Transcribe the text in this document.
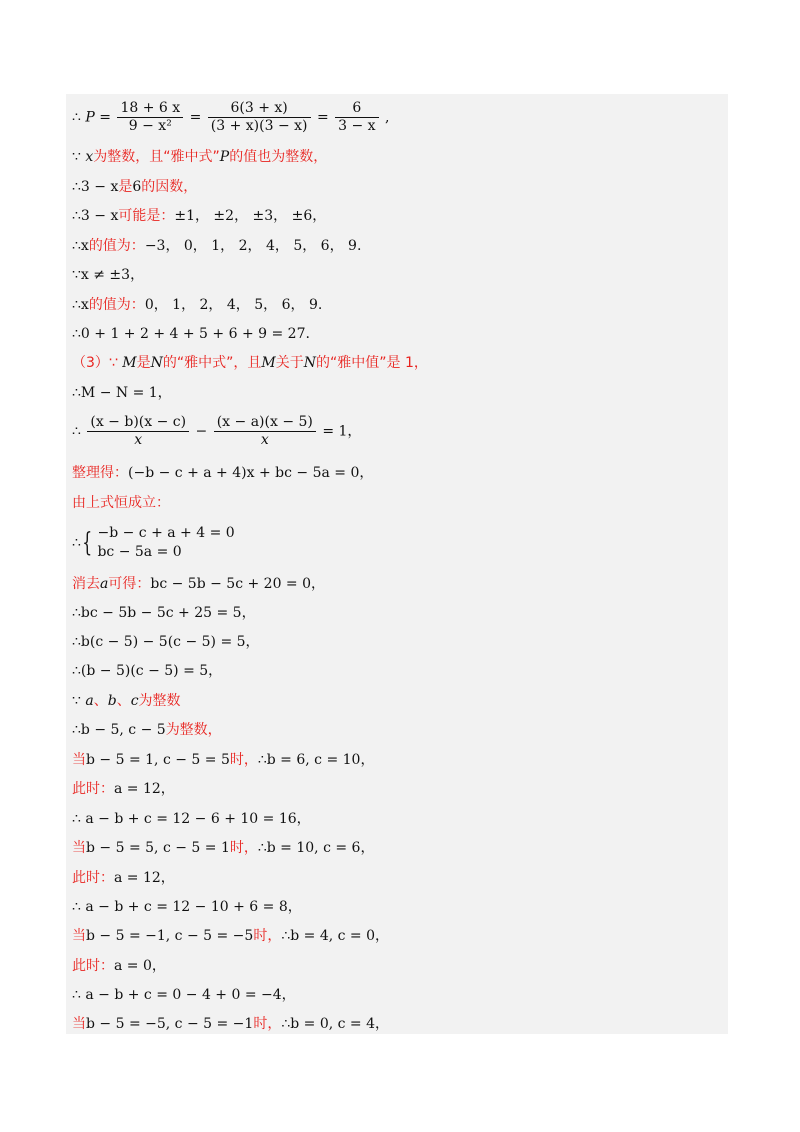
∴ $P = \frac{18 + 6 x}{\text{9 − x²}} = \frac{6(3 + x)}{(3 + x)(3 - x)} = \frac{6}{3 - x}$ ,
∵ x为整数，且“雅中式”P的值也为整数，
∴3 − x是6的因数，
∴3 − x可能是：±1， ±2， ±3， ±6，
∴x的值为：−3， 0， 1， 2， 4， 5， 6， 9.
∵x ≠ ±3，
∴x的值为：0， 1， 2， 4， 5， 6， 9.
∴0 + 1 + 2 + 4 + 5 + 6 + 9 = 27.
（3）∵ M是N的“雅中式”，且M关于N的“雅中值”是 1，
∴M − N = 1，
∴ $\frac{(x - b)(x - c)}{x} - \frac{(x - a)(x - 5)}{x} = 1$，
整理得：(−b − c + a + 4)x + bc − 5a = 0，
由上式恒成立：
∴{ −b − c + a + 4 = 0
bc − 5a = 0
消去a可得：bc − 5b − 5c + 20 = 0，
∴bc − 5b − 5c + 25 = 5，
∴b(c − 5) − 5(c − 5) = 5，
∴(b − 5)(c − 5) = 5，
∵ a、b、c为整数
∴b − 5, c − 5为整数，
当b − 5 = 1, c − 5 = 5时，∴b = 6, c = 10，
此时：a = 12，
∴ a − b + c = 12 − 6 + 10 = 16，
当b − 5 = 5, c − 5 = 1时，∴b = 10, c = 6，
此时：a = 12，
∴ a − b + c = 12 − 10 + 6 = 8，
当b − 5 = −1, c − 5 = −5时，∴b = 4, c = 0，
此时：a = 0，
∴ a − b + c = 0 − 4 + 0 = −4，
当b − 5 = −5, c − 5 = −1时，∴b = 0, c = 4，
